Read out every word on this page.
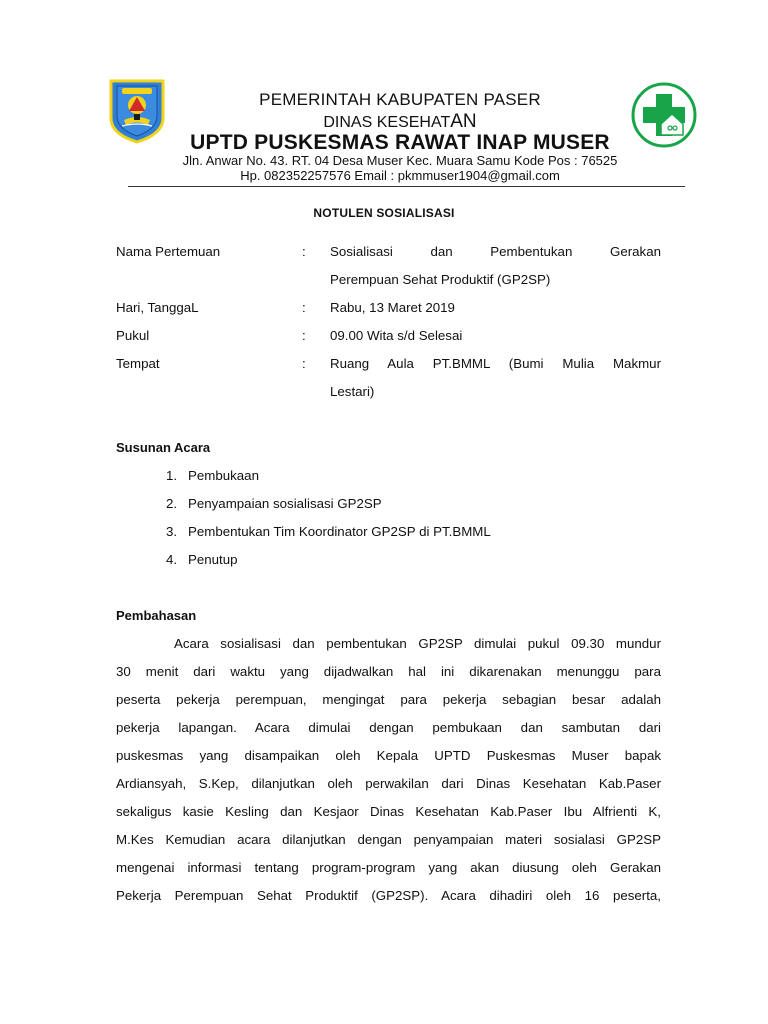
PEMERINTAH KABUPATEN PASER
DINAS KESEHATAN
UPTD PUSKESMAS RAWAT INAP MUSER
Jln. Anwar No. 43. RT. 04 Desa Muser Kec. Muara Samu Kode Pos : 76525
Hp. 082352257576 Email : pkmmuser1904@gmail.com
NOTULEN SOSIALISASI
Nama Pertemuan	: Sosialisasi dan Pembentukan Gerakan
Perempuan Sehat Produktif (GP2SP)
Hari, TanggaL	: Rabu, 13 Maret 2019
Pukul	: 09.00 Wita s/d Selesai
Tempat	: Ruang Aula PT.BMML (Bumi Mulia Makmur
Lestari)
Susunan Acara
1. Pembukaan
2. Penyampaian sosialisasi GP2SP
3. Pembentukan Tim Koordinator GP2SP di PT.BMML
4. Penutup
Pembahasan
Acara sosialisasi dan pembentukan GP2SP dimulai pukul 09.30 mundur
30 menit dari waktu yang dijadwalkan hal ini dikarenakan menunggu para
peserta pekerja perempuan, mengingat para pekerja sebagian besar adalah
pekerja lapangan. Acara dimulai dengan pembukaan dan sambutan dari
puskesmas yang disampaikan oleh Kepala UPTD Puskesmas Muser bapak
Ardiansyah, S.Kep, dilanjutkan oleh perwakilan dari Dinas Kesehatan Kab.Paser
sekaligus kasie Kesling dan Kesjaor Dinas Kesehatan Kab.Paser Ibu Alfrienti K,
M.Kes Kemudian acara dilanjutkan dengan penyampaian materi sosialasi GP2SP
mengenai informasi tentang program-program yang akan diusung oleh Gerakan
Pekerja Perempuan Sehat Produktif (GP2SP). Acara dihadiri oleh 16 peserta,
